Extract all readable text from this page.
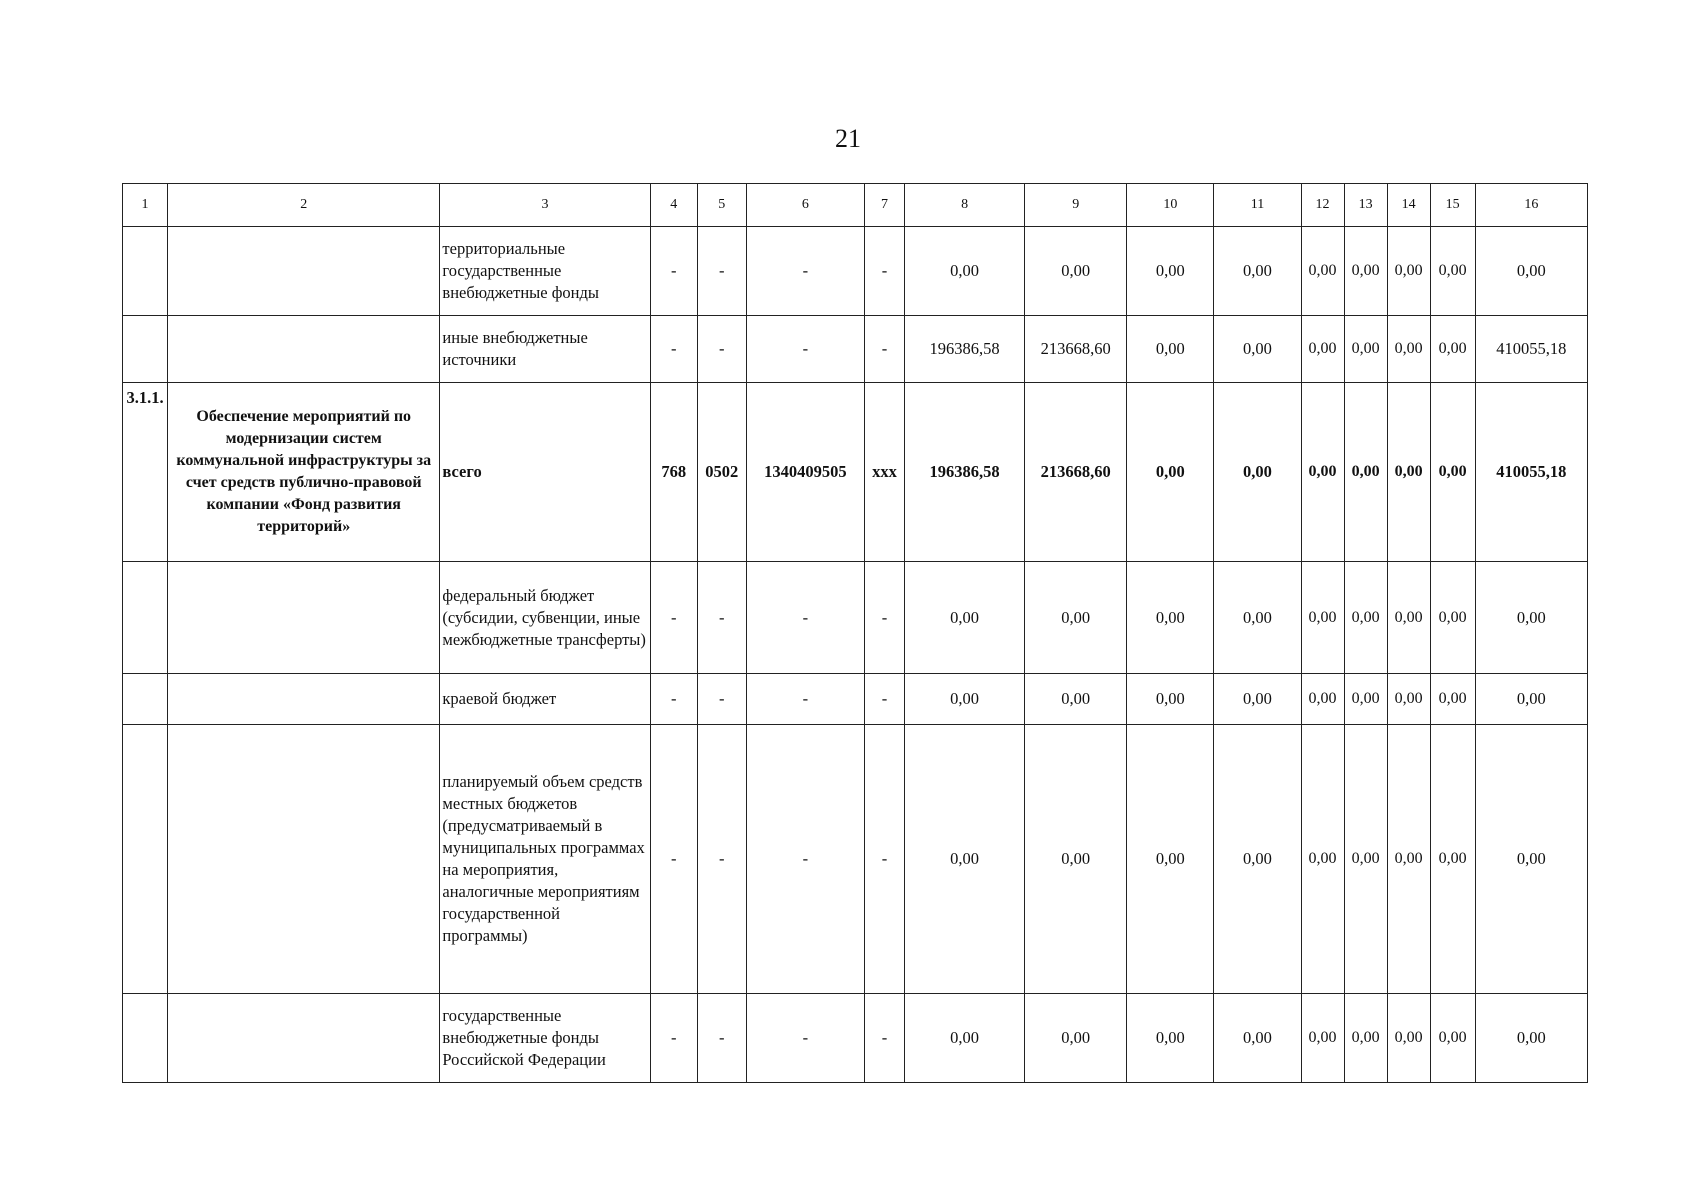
21
1	2	3	4	5	6	7	8	9	10	11	12	13	14	15	16
		территориальные государственные внебюджетные фонды	-	-	-	-	0,00	0,00	0,00	0,00	0,00	0,00	0,00	0,00	0,00
		иные внебюджетные источники	-	-	-	-	196386,58	213668,60	0,00	0,00	0,00	0,00	0,00	0,00	410055,18
3.1.1.	Обеспечение мероприятий по модернизации систем коммунальной инфраструктуры за счет средств публично-правовой компании «Фонд развития территорий»	всего	768	0502	1340409505	ххх	196386,58	213668,60	0,00	0,00	0,00	0,00	0,00	0,00	410055,18
		федеральный бюджет (субсидии, субвенции, иные межбюджетные трансферты)	-	-	-	-	0,00	0,00	0,00	0,00	0,00	0,00	0,00	0,00	0,00
		краевой бюджет	-	-	-	-	0,00	0,00	0,00	0,00	0,00	0,00	0,00	0,00	0,00
		планируемый объем средств местных бюджетов (предусматриваемый в муниципальных программах на мероприятия, аналогичные мероприятиям государственной программы)	-	-	-	-	0,00	0,00	0,00	0,00	0,00	0,00	0,00	0,00	0,00
		государственные внебюджетные фонды Российской Федерации	-	-	-	-	0,00	0,00	0,00	0,00	0,00	0,00	0,00	0,00	0,00
